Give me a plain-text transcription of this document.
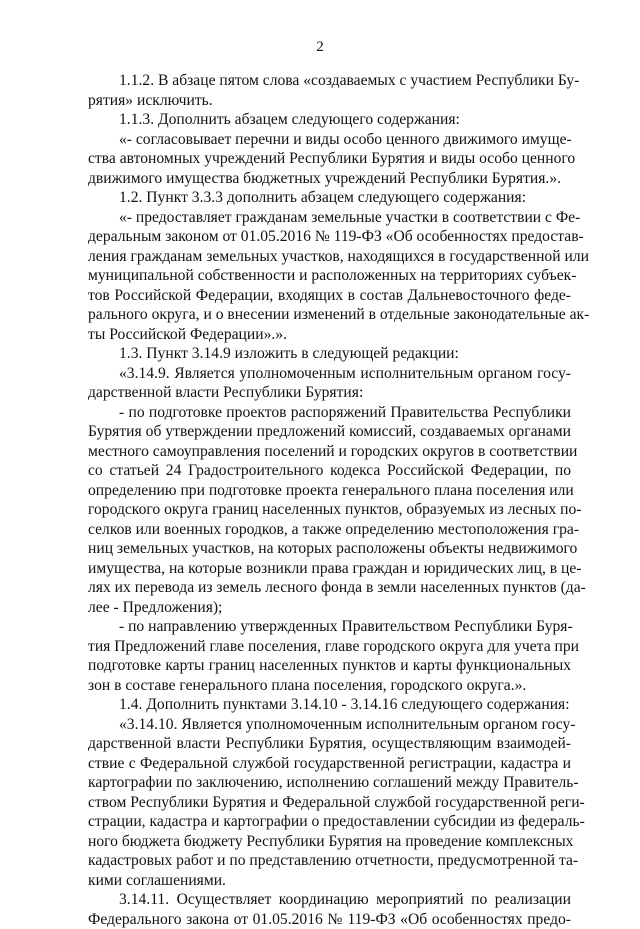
2
1.1.2. В абзаце пятом слова «создаваемых с участием Республики Бу-
рятия» исключить.
1.1.3. Дополнить абзацем следующего содержания:
«- согласовывает перечни и виды особо ценного движимого имуще-
ства автономных учреждений Республики Бурятия и виды особо ценного
движимого имущества бюджетных учреждений Республики Бурятия.».
1.2. Пункт 3.3.3 дополнить абзацем следующего содержания:
«- предоставляет гражданам земельные участки в соответствии с Фе-
деральным законом от 01.05.2016 № 119-ФЗ «Об особенностях предостав-
ления гражданам земельных участков, находящихся в государственной или
муниципальной собственности и расположенных на территориях субъек-
тов Российской Федерации, входящих в состав Дальневосточного феде-
рального округа, и о внесении изменений в отдельные законодательные ак-
ты Российской Федерации».».
1.3. Пункт 3.14.9 изложить в следующей редакции:
«3.14.9. Является уполномоченным исполнительным органом госу-
дарственной власти Республики Бурятия:
- по подготовке проектов распоряжений Правительства Республики
Бурятия об утверждении предложений комиссий, создаваемых органами
местного самоуправления поселений и городских округов в соответствии
со статьей 24 Градостроительного кодекса Российской Федерации, по
определению при подготовке проекта генерального плана поселения или
городского округа границ населенных пунктов, образуемых из лесных по-
селков или военных городков, а также определению местоположения гра-
ниц земельных участков, на которых расположены объекты недвижимого
имущества, на которые возникли права граждан и юридических лиц, в це-
лях их перевода из земель лесного фонда в земли населенных пунктов (да-
лее - Предложения);
- по направлению утвержденных Правительством Республики Буря-
тия Предложений главе поселения, главе городского округа для учета при
подготовке карты границ населенных пунктов и карты функциональных
зон в составе генерального плана поселения, городского округа.».
1.4. Дополнить пунктами 3.14.10 - 3.14.16 следующего содержания:
«3.14.10. Является уполномоченным исполнительным органом госу-
дарственной власти Республики Бурятия, осуществляющим взаимодей-
ствие с Федеральной службой государственной регистрации, кадастра и
картографии по заключению, исполнению соглашений между Правитель-
ством Республики Бурятия и Федеральной службой государственной реги-
страции, кадастра и картографии о предоставлении субсидии из федераль-
ного бюджета бюджету Республики Бурятия на проведение комплексных
кадастровых работ и по представлению отчетности, предусмотренной та-
кими соглашениями.
3.14.11. Осуществляет координацию мероприятий по реализации
Федерального закона от 01.05.2016 № 119-ФЗ «Об особенностях предо-
